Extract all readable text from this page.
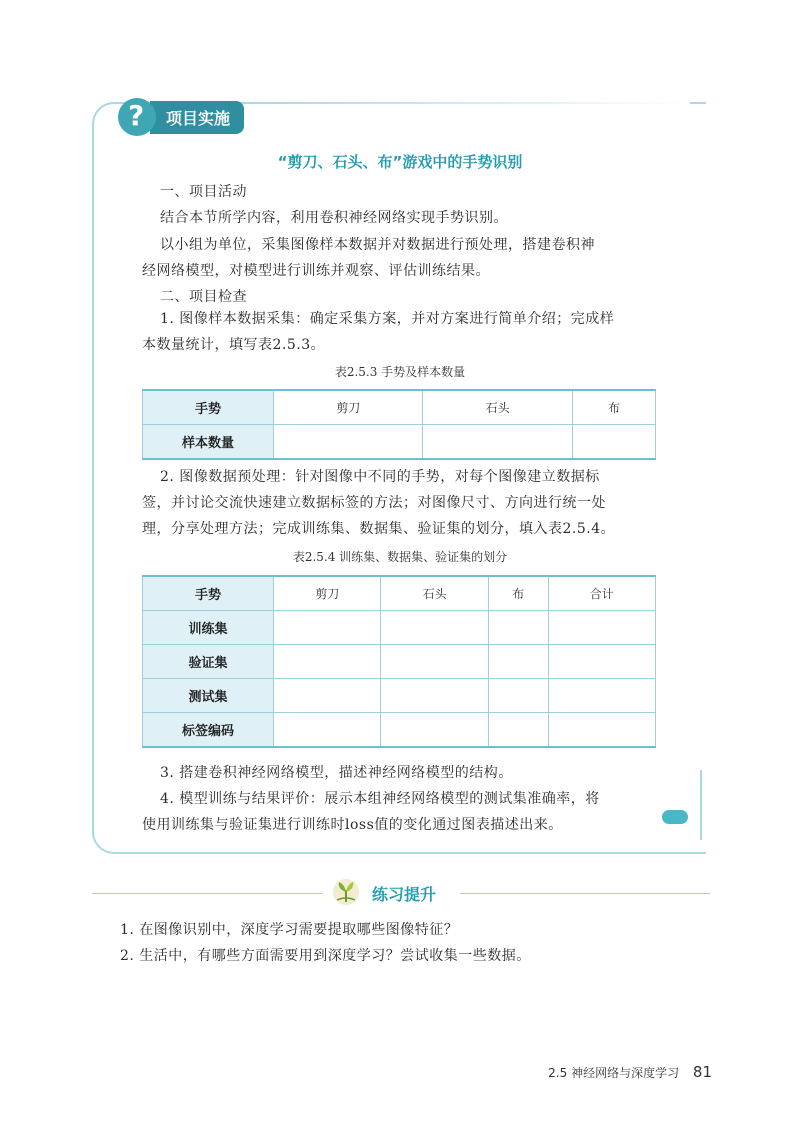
?
项目实施
“剪刀、石头、布”游戏中的手势识别
一、项目活动
结合本节所学内容，利用卷积神经网络实现手势识别。
以小组为单位，采集图像样本数据并对数据进行预处理，搭建卷积神
经网络模型，对模型进行训练并观察、评估训练结果。
二、项目检查
1. 图像样本数据采集：确定采集方案，并对方案进行简单介绍；完成样
本数量统计，填写表2.5.3。
表2.5.3 手势及样本数量
手势	剪刀	石头	布
样本数量			
2. 图像数据预处理：针对图像中不同的手势，对每个图像建立数据标
签，并讨论交流快速建立数据标签的方法；对图像尺寸、方向进行统一处
理，分享处理方法；完成训练集、数据集、验证集的划分，填入表2.5.4。
表2.5.4 训练集、数据集、验证集的划分
手势	剪刀	石头	布	合计
训练集				
验证集				
测试集				
标签编码				
3. 搭建卷积神经网络模型，描述神经网络模型的结构。
4. 模型训练与结果评价：展示本组神经网络模型的测试集准确率，将
使用训练集与验证集进行训练时loss值的变化通过图表描述出来。
练习提升
1. 在图像识别中，深度学习需要提取哪些图像特征？
2. 生活中，有哪些方面需要用到深度学习？尝试收集一些数据。
2.5 神经网络与深度学习 81
